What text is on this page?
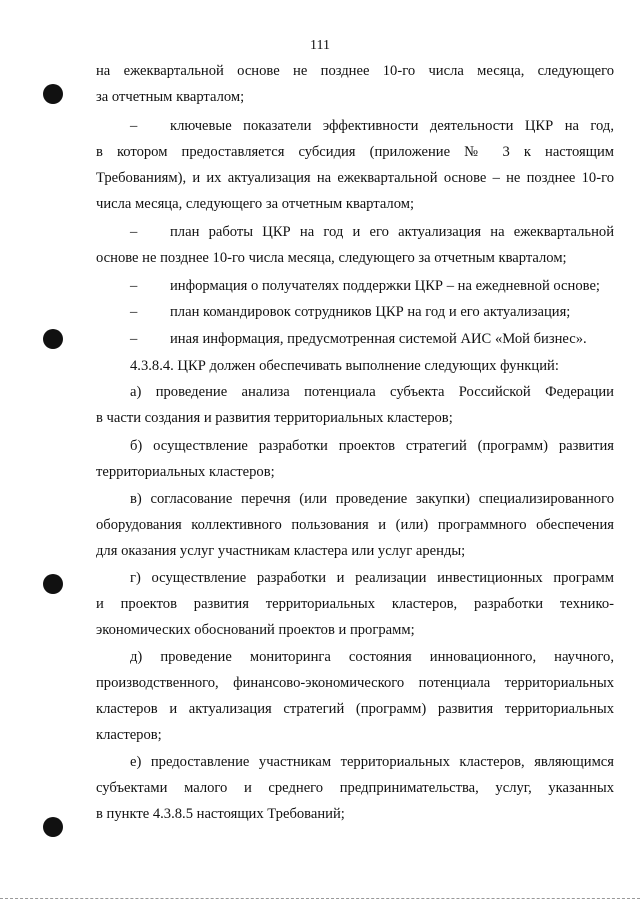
111
на ежеквартальной основе не позднее 10-го числа месяца, следующего
за отчетным кварталом;
– ключевые показатели эффективности деятельности ЦКР на год,
в котором предоставляется субсидия (приложение № 3 к настоящим
Требованиям), и их актуализация на ежеквартальной основе – не позднее 10-го
числа месяца, следующего за отчетным кварталом;
– план работы ЦКР на год и его актуализация на ежеквартальной
основе не позднее 10-го числа месяца, следующего за отчетным кварталом;
– информация о получателях поддержки ЦКР – на ежедневной основе;
– план командировок сотрудников ЦКР на год и его актуализация;
– иная информация, предусмотренная системой АИС «Мой бизнес».
4.3.8.4. ЦКР должен обеспечивать выполнение следующих функций:
а) проведение анализа потенциала субъекта Российской Федерации
в части создания и развития территориальных кластеров;
б) осуществление разработки проектов стратегий (программ) развития
территориальных кластеров;
в) согласование перечня (или проведение закупки) специализированного
оборудования коллективного пользования и (или) программного обеспечения
для оказания услуг участникам кластера или услуг аренды;
г) осуществление разработки и реализации инвестиционных программ
и проектов развития территориальных кластеров, разработки технико-
экономических обоснований проектов и программ;
д) проведение мониторинга состояния инновационного, научного,
производственного, финансово-экономического потенциала территориальных
кластеров и актуализация стратегий (программ) развития территориальных
кластеров;
е) предоставление участникам территориальных кластеров, являющимся
субъектами малого и среднего предпринимательства, услуг, указанных
в пункте 4.3.8.5 настоящих Требований;
